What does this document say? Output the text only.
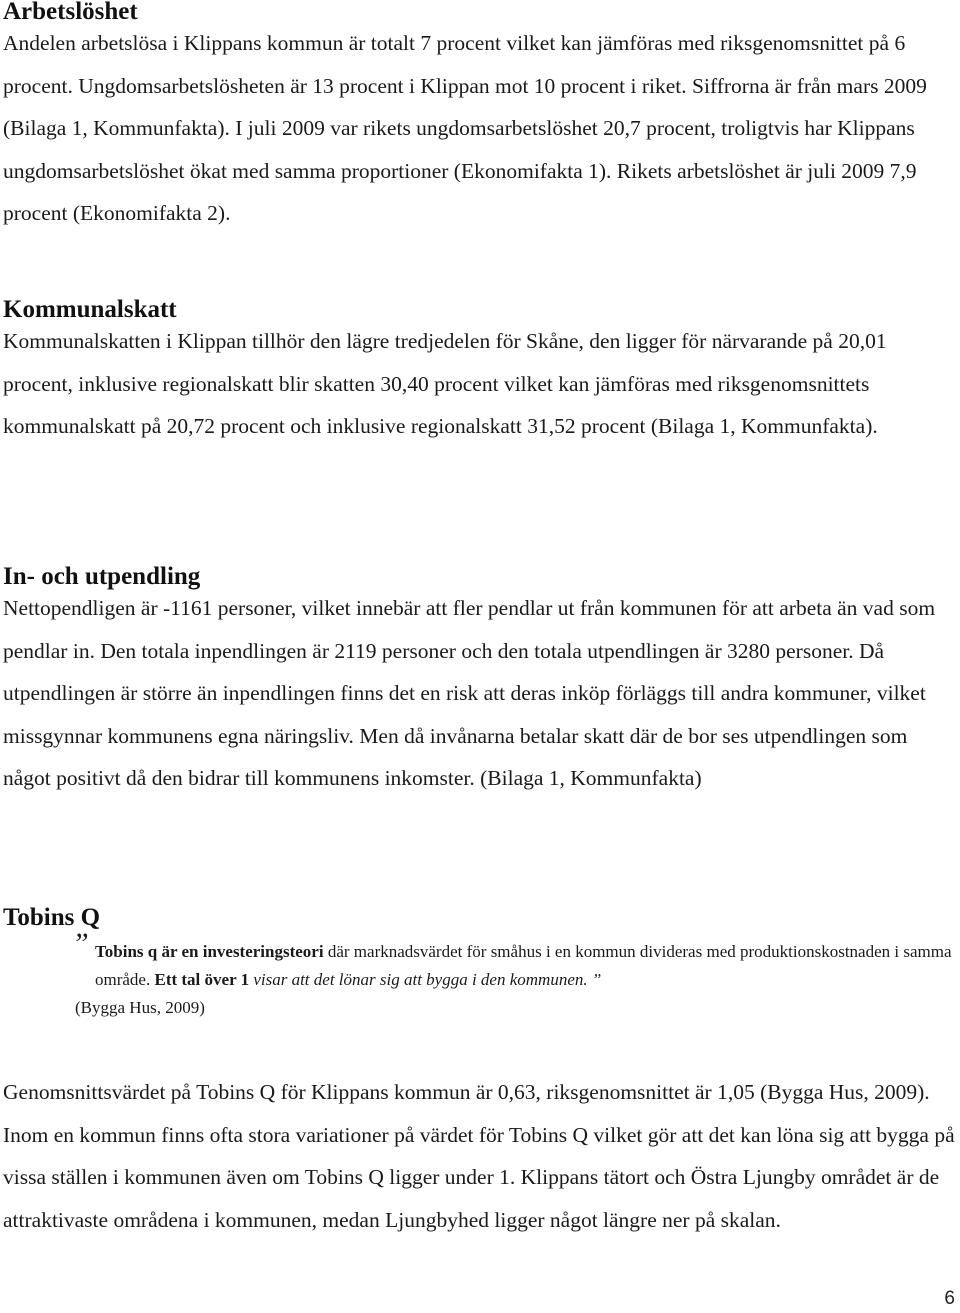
Arbetslöshet

Andelen arbetslösa i Klippans kommun är totalt 7 procent vilket kan jämföras med riksgenomsnittet på 6 procent. Ungdomsarbetslösheten är 13 procent i Klippan mot 10 procent i riket. Siffrorna är från mars 2009 (Bilaga 1, Kommunfakta). I juli 2009 var rikets ungdomsarbetslöshet 20,7 procent, troligtvis har Klippans ungdomsarbetslöshet ökat med samma proportioner (Ekonomifakta 1). Rikets arbetslöshet är juli 2009 7,9 procent (Ekonomifakta 2).

Kommunalskatt

Kommunalskatten i Klippan tillhör den lägre tredjedelen för Skåne, den ligger för närvarande på 20,01 procent, inklusive regionalskatt blir skatten 30,40 procent vilket kan jämföras med riksgenomsnittets kommunalskatt på 20,72 procent och inklusive regionalskatt 31,52 procent (Bilaga 1, Kommunfakta).

In- och utpendling

Nettopendligen är -1161 personer, vilket innebär att fler pendlar ut från kommunen för att arbeta än vad som pendlar in. Den totala inpendlingen är 2119 personer och den totala utpendlingen är 3280 personer. Då utpendlingen är större än inpendlingen finns det en risk att deras inköp förläggs till andra kommuner, vilket missgynnar kommunens egna näringsliv. Men då invånarna betalar skatt där de bor ses utpendlingen som något positivt då den bidrar till kommunens inkomster. (Bilaga 1, Kommunfakta)

Tobins Q
” Tobins q är en investeringsteori där marknadsvärdet för småhus i en kommun divideras med produktionskostnaden i samma område. Ett tal över 1 visar att det lönar sig att bygga i den kommunen. ”
(Bygga Hus, 2009)

Genomsnittsvärdet på Tobins Q för Klippans kommun är 0,63, riksgenomsnittet är 1,05 (Bygga Hus, 2009). Inom en kommun finns ofta stora variationer på värdet för Tobins Q vilket gör att det kan löna sig att bygga på vissa ställen i kommunen även om Tobins Q ligger under 1. Klippans tätort och Östra Ljungby området är de attraktivaste områdena i kommunen, medan Ljungbyhed ligger något längre ner på skalan.

6
